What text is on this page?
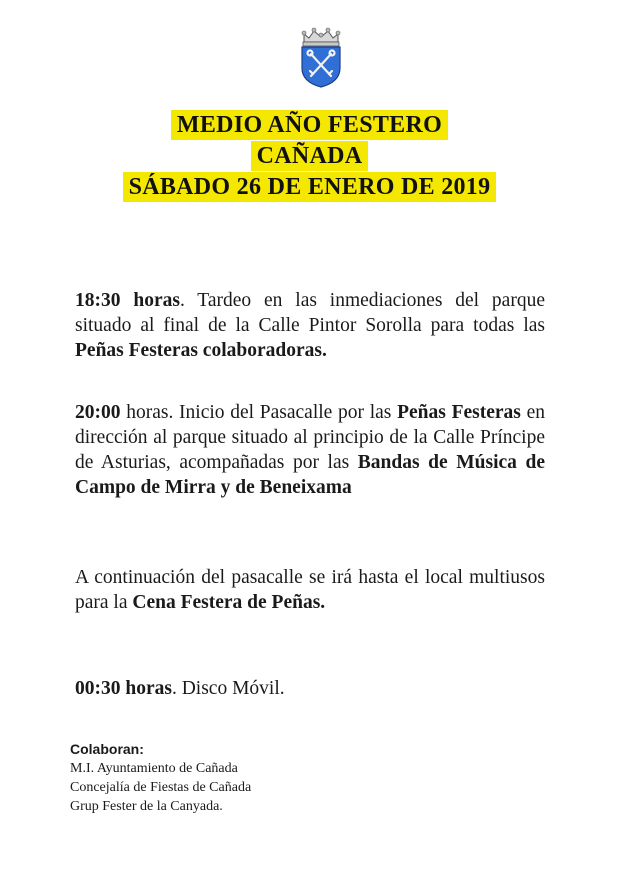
MEDIO AÑO FESTERO
CAÑADA
SÁBADO 26 DE ENERO DE 2019

18:30 horas. Tardeo en las inmediaciones del parque situado al final de la Calle Pintor Sorolla para todas las Peñas Festeras colaboradoras.

20:00 horas. Inicio del Pasacalle por las Peñas Festeras en dirección al parque situado al principio de la Calle Príncipe de Asturias, acompañadas por las Bandas de Música de Campo de Mirra y de Beneixama

A continuación del pasacalle se irá hasta el local multiusos para la Cena Festera de Peñas.

00:30 horas. Disco Móvil.

Colaboran:
M.I. Ayuntamiento de Cañada
Concejalía de Fiestas de Cañada
Grup Fester de la Canyada.
